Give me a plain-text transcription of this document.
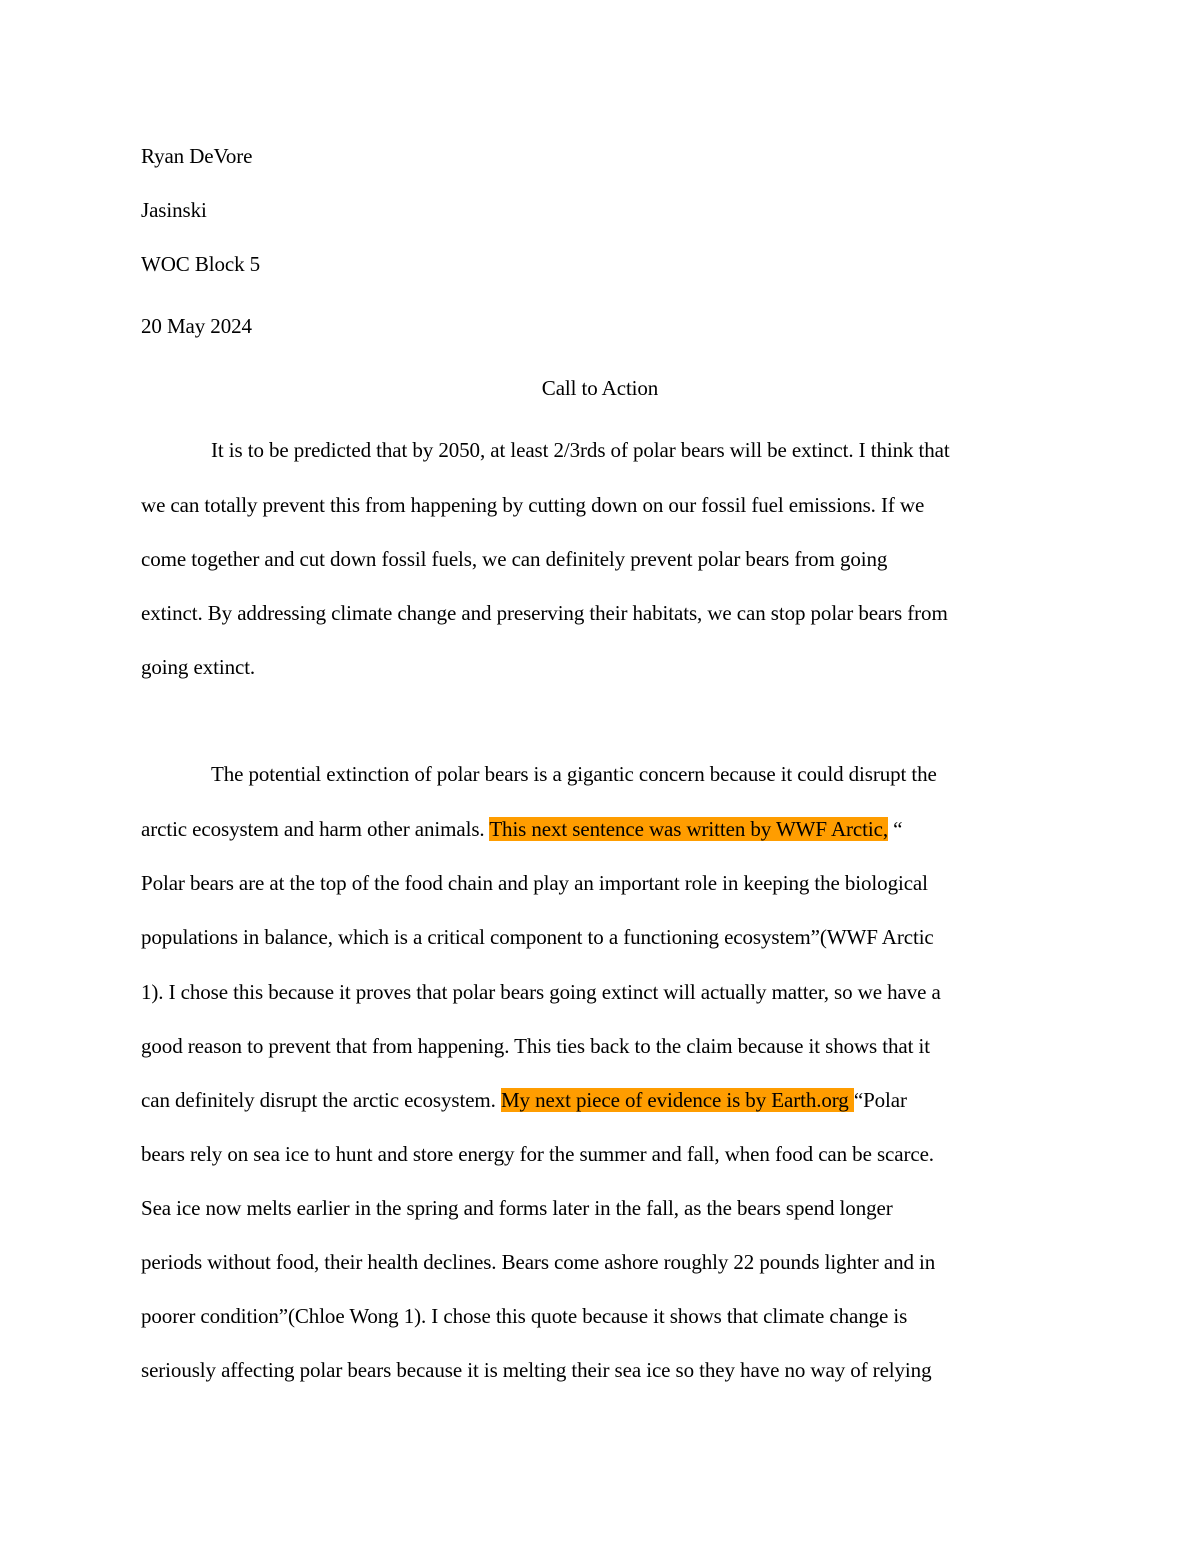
Ryan DeVore
Jasinski
WOC Block 5
20 May 2024
Call to Action
It is to be predicted that by 2050, at least 2/3rds of polar bears will be extinct. I think that
we can totally prevent this from happening by cutting down on our fossil fuel emissions. If we
come together and cut down fossil fuels, we can definitely prevent polar bears from going
extinct. By addressing climate change and preserving their habitats, we can stop polar bears from
going extinct.
The potential extinction of polar bears is a gigantic concern because it could disrupt the
arctic ecosystem and harm other animals. This next sentence was written by WWF Arctic, “
Polar bears are at the top of the food chain and play an important role in keeping the biological
populations in balance, which is a critical component to a functioning ecosystem”(WWF Arctic
1). I chose this because it proves that polar bears going extinct will actually matter, so we have a
good reason to prevent that from happening. This ties back to the claim because it shows that it
can definitely disrupt the arctic ecosystem. My next piece of evidence is by Earth.org “Polar
bears rely on sea ice to hunt and store energy for the summer and fall, when food can be scarce.
Sea ice now melts earlier in the spring and forms later in the fall, as the bears spend longer
periods without food, their health declines. Bears come ashore roughly 22 pounds lighter and in
poorer condition”(Chloe Wong 1). I chose this quote because it shows that climate change is
seriously affecting polar bears because it is melting their sea ice so they have no way of relying
